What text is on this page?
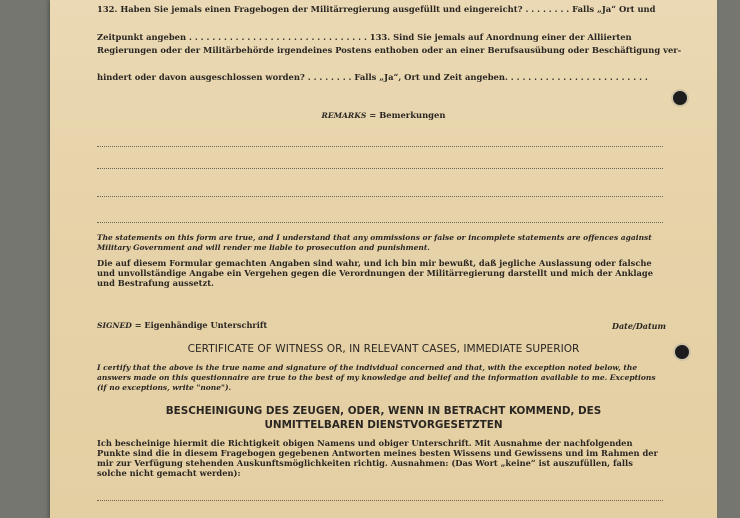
132. Haben Sie jemals einen Fragebogen der Militärregierung ausgefüllt und eingereicht? . . . . . . . . Falls „Ja“ Ort und
Zeitpunkt angeben . . . . . . . . . . . . . . . . . . . . . . . . . . . . . . . 133. Sind Sie jemals auf Anordnung einer der Alliierten
Regierungen oder der Militärbehörde irgendeines Postens enthoben oder an einer Berufsausübung oder Beschäftigung ver-
hindert oder davon ausgeschlossen worden? . . . . . . . . Falls „Ja“, Ort und Zeit angeben. . . . . . . . . . . . . . . . . . . . . . . . .
REMARKS = Bemerkungen
The statements on this form are true, and I understand that any ommissions or false or incomplete statements are offences against Military Government and will render me liable to prosecution and punishment.
Die auf diesem Formular gemachten Angaben sind wahr, und ich bin mir bewußt, daß jegliche Auslassung oder falsche und unvollständige Angabe ein Vergehen gegen die Verordnungen der Militärregierung darstellt und mich der Anklage und Bestrafung aussetzt.
SIGNED = Eigenhändige Unterschrift	Date/Datum
CERTIFICATE OF WITNESS OR, IN RELEVANT CASES, IMMEDIATE SUPERIOR
I certify that the above is the true name and signature of the individual concerned and that, with the exception noted below, the answers made on this questionnaire are true to the best of my knowledge and belief and the information available to me. Exceptions (if no exceptions, write "none").
BESCHEINIGUNG DES ZEUGEN, ODER, WENN IN BETRACHT KOMMEND, DES
UNMITTELBAREN DIENSTVORGESETZTEN
Ich bescheinige hiermit die Richtigkeit obigen Namens und obiger Unterschrift. Mit Ausnahme der nachfolgenden Punkte sind die in diesem Fragebogen gegebenen Antworten meines besten Wissens und Gewissens und im Rahmen der mir zur Verfügung stehenden Auskunftsmöglichkeiten richtig. Ausnahmen: (Das Wort „keine“ ist auszufüllen, falls solche nicht gemacht werden):
